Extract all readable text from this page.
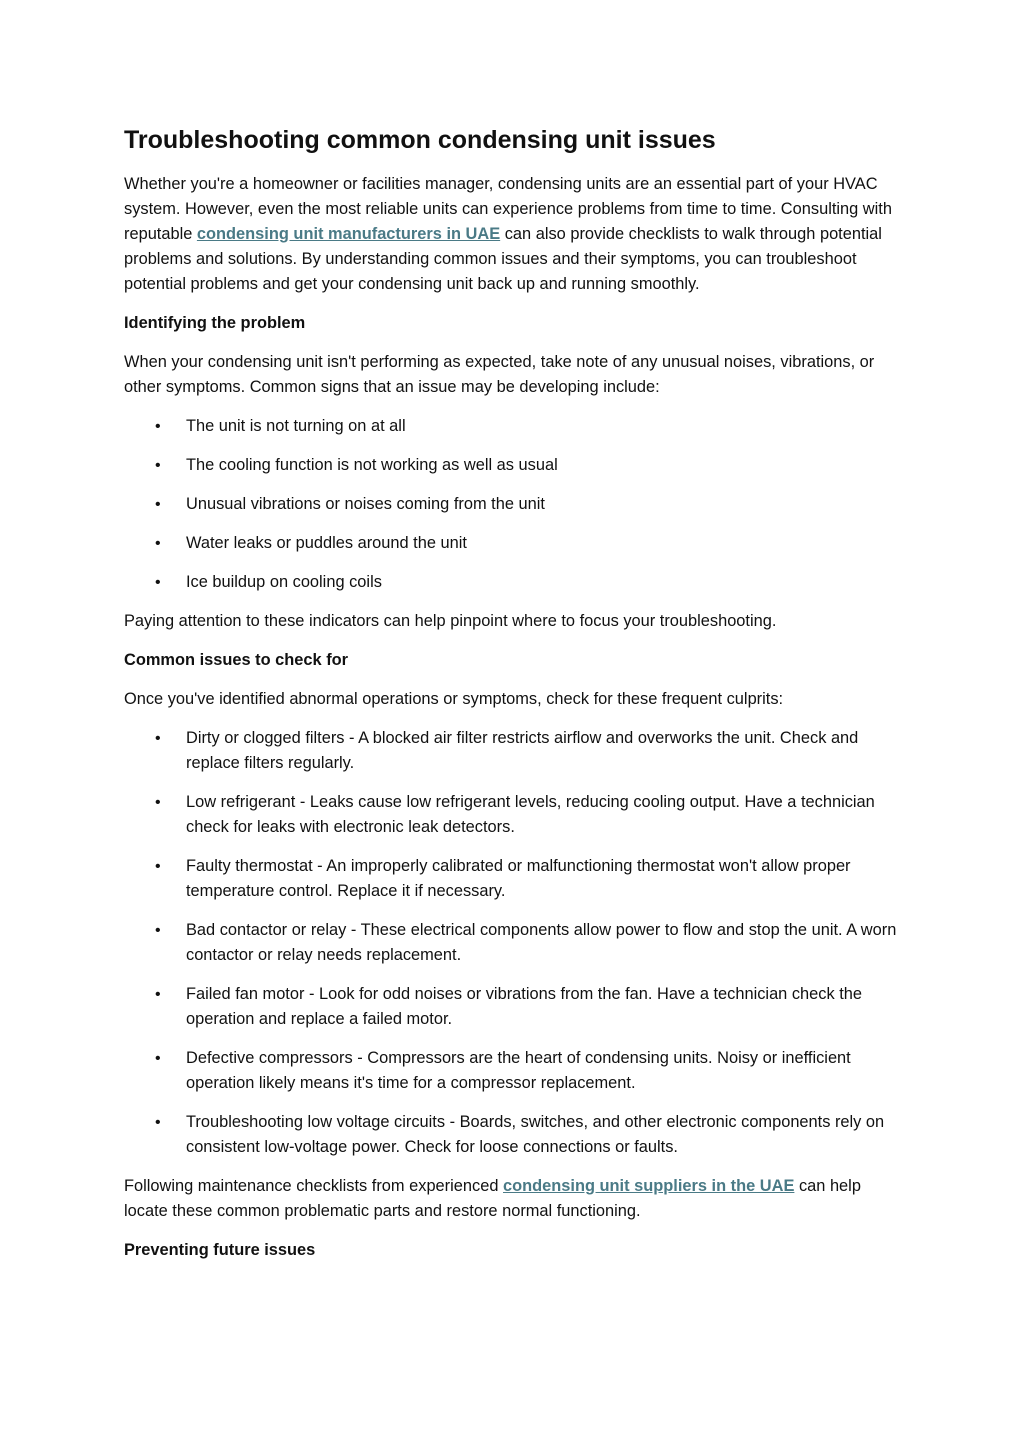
Troubleshooting common condensing unit issues

Whether you're a homeowner or facilities manager, condensing units are an essential part of your HVAC system. However, even the most reliable units can experience problems from time to time. Consulting with reputable condensing unit manufacturers in UAE can also provide checklists to walk through potential problems and solutions. By understanding common issues and their symptoms, you can troubleshoot potential problems and get your condensing unit back up and running smoothly.

Identifying the problem

When your condensing unit isn't performing as expected, take note of any unusual noises, vibrations, or other symptoms. Common signs that an issue may be developing include:

• The unit is not turning on at all
• The cooling function is not working as well as usual
• Unusual vibrations or noises coming from the unit
• Water leaks or puddles around the unit
• Ice buildup on cooling coils

Paying attention to these indicators can help pinpoint where to focus your troubleshooting.

Common issues to check for

Once you've identified abnormal operations or symptoms, check for these frequent culprits:

• Dirty or clogged filters - A blocked air filter restricts airflow and overworks the unit. Check and replace filters regularly.
• Low refrigerant - Leaks cause low refrigerant levels, reducing cooling output. Have a technician check for leaks with electronic leak detectors.
• Faulty thermostat - An improperly calibrated or malfunctioning thermostat won't allow proper temperature control. Replace it if necessary.
• Bad contactor or relay - These electrical components allow power to flow and stop the unit. A worn contactor or relay needs replacement.
• Failed fan motor - Look for odd noises or vibrations from the fan. Have a technician check the operation and replace a failed motor.
• Defective compressors - Compressors are the heart of condensing units. Noisy or inefficient operation likely means it's time for a compressor replacement.
• Troubleshooting low voltage circuits - Boards, switches, and other electronic components rely on consistent low-voltage power. Check for loose connections or faults.

Following maintenance checklists from experienced condensing unit suppliers in the UAE can help locate these common problematic parts and restore normal functioning.

Preventing future issues
